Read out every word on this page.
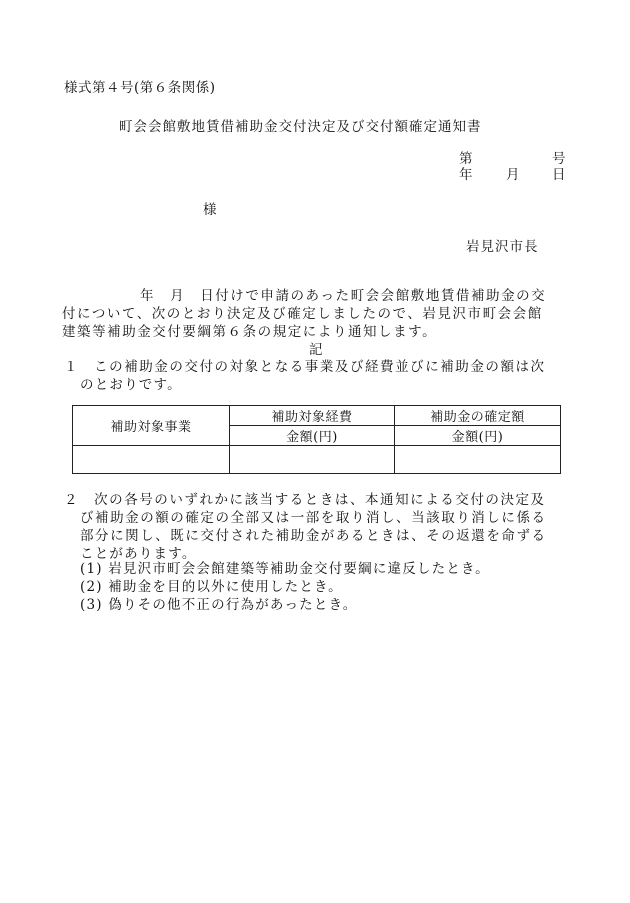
様式第４号(第６条関係)
町会会館敷地賃借補助金交付決定及び交付額確定通知書
第	号
年 月 日
様
岩見沢市長
年　月　日付けで申請のあった町会会館敷地賃借補助金の交
付について、次のとおり決定及び確定しましたので、岩見沢市町会会館
建築等補助金交付要綱第６条の規定により通知します。
記
１　この補助金の交付の対象となる事業及び経費並びに補助金の額は次
のとおりです。
補助対象事業	補助対象経費	補助金の確定額
	金額(円)	金額(円)

２　次の各号のいずれかに該当するときは、本通知による交付の決定及
び補助金の額の確定の全部又は一部を取り消し、当該取り消しに係る
部分に関し、既に交付された補助金があるときは、その返還を命ずる
ことがあります。
(1) 岩見沢市町会会館建築等補助金交付要綱に違反したとき。
(2) 補助金を目的以外に使用したとき。
(3) 偽りその他不正の行為があったとき。
